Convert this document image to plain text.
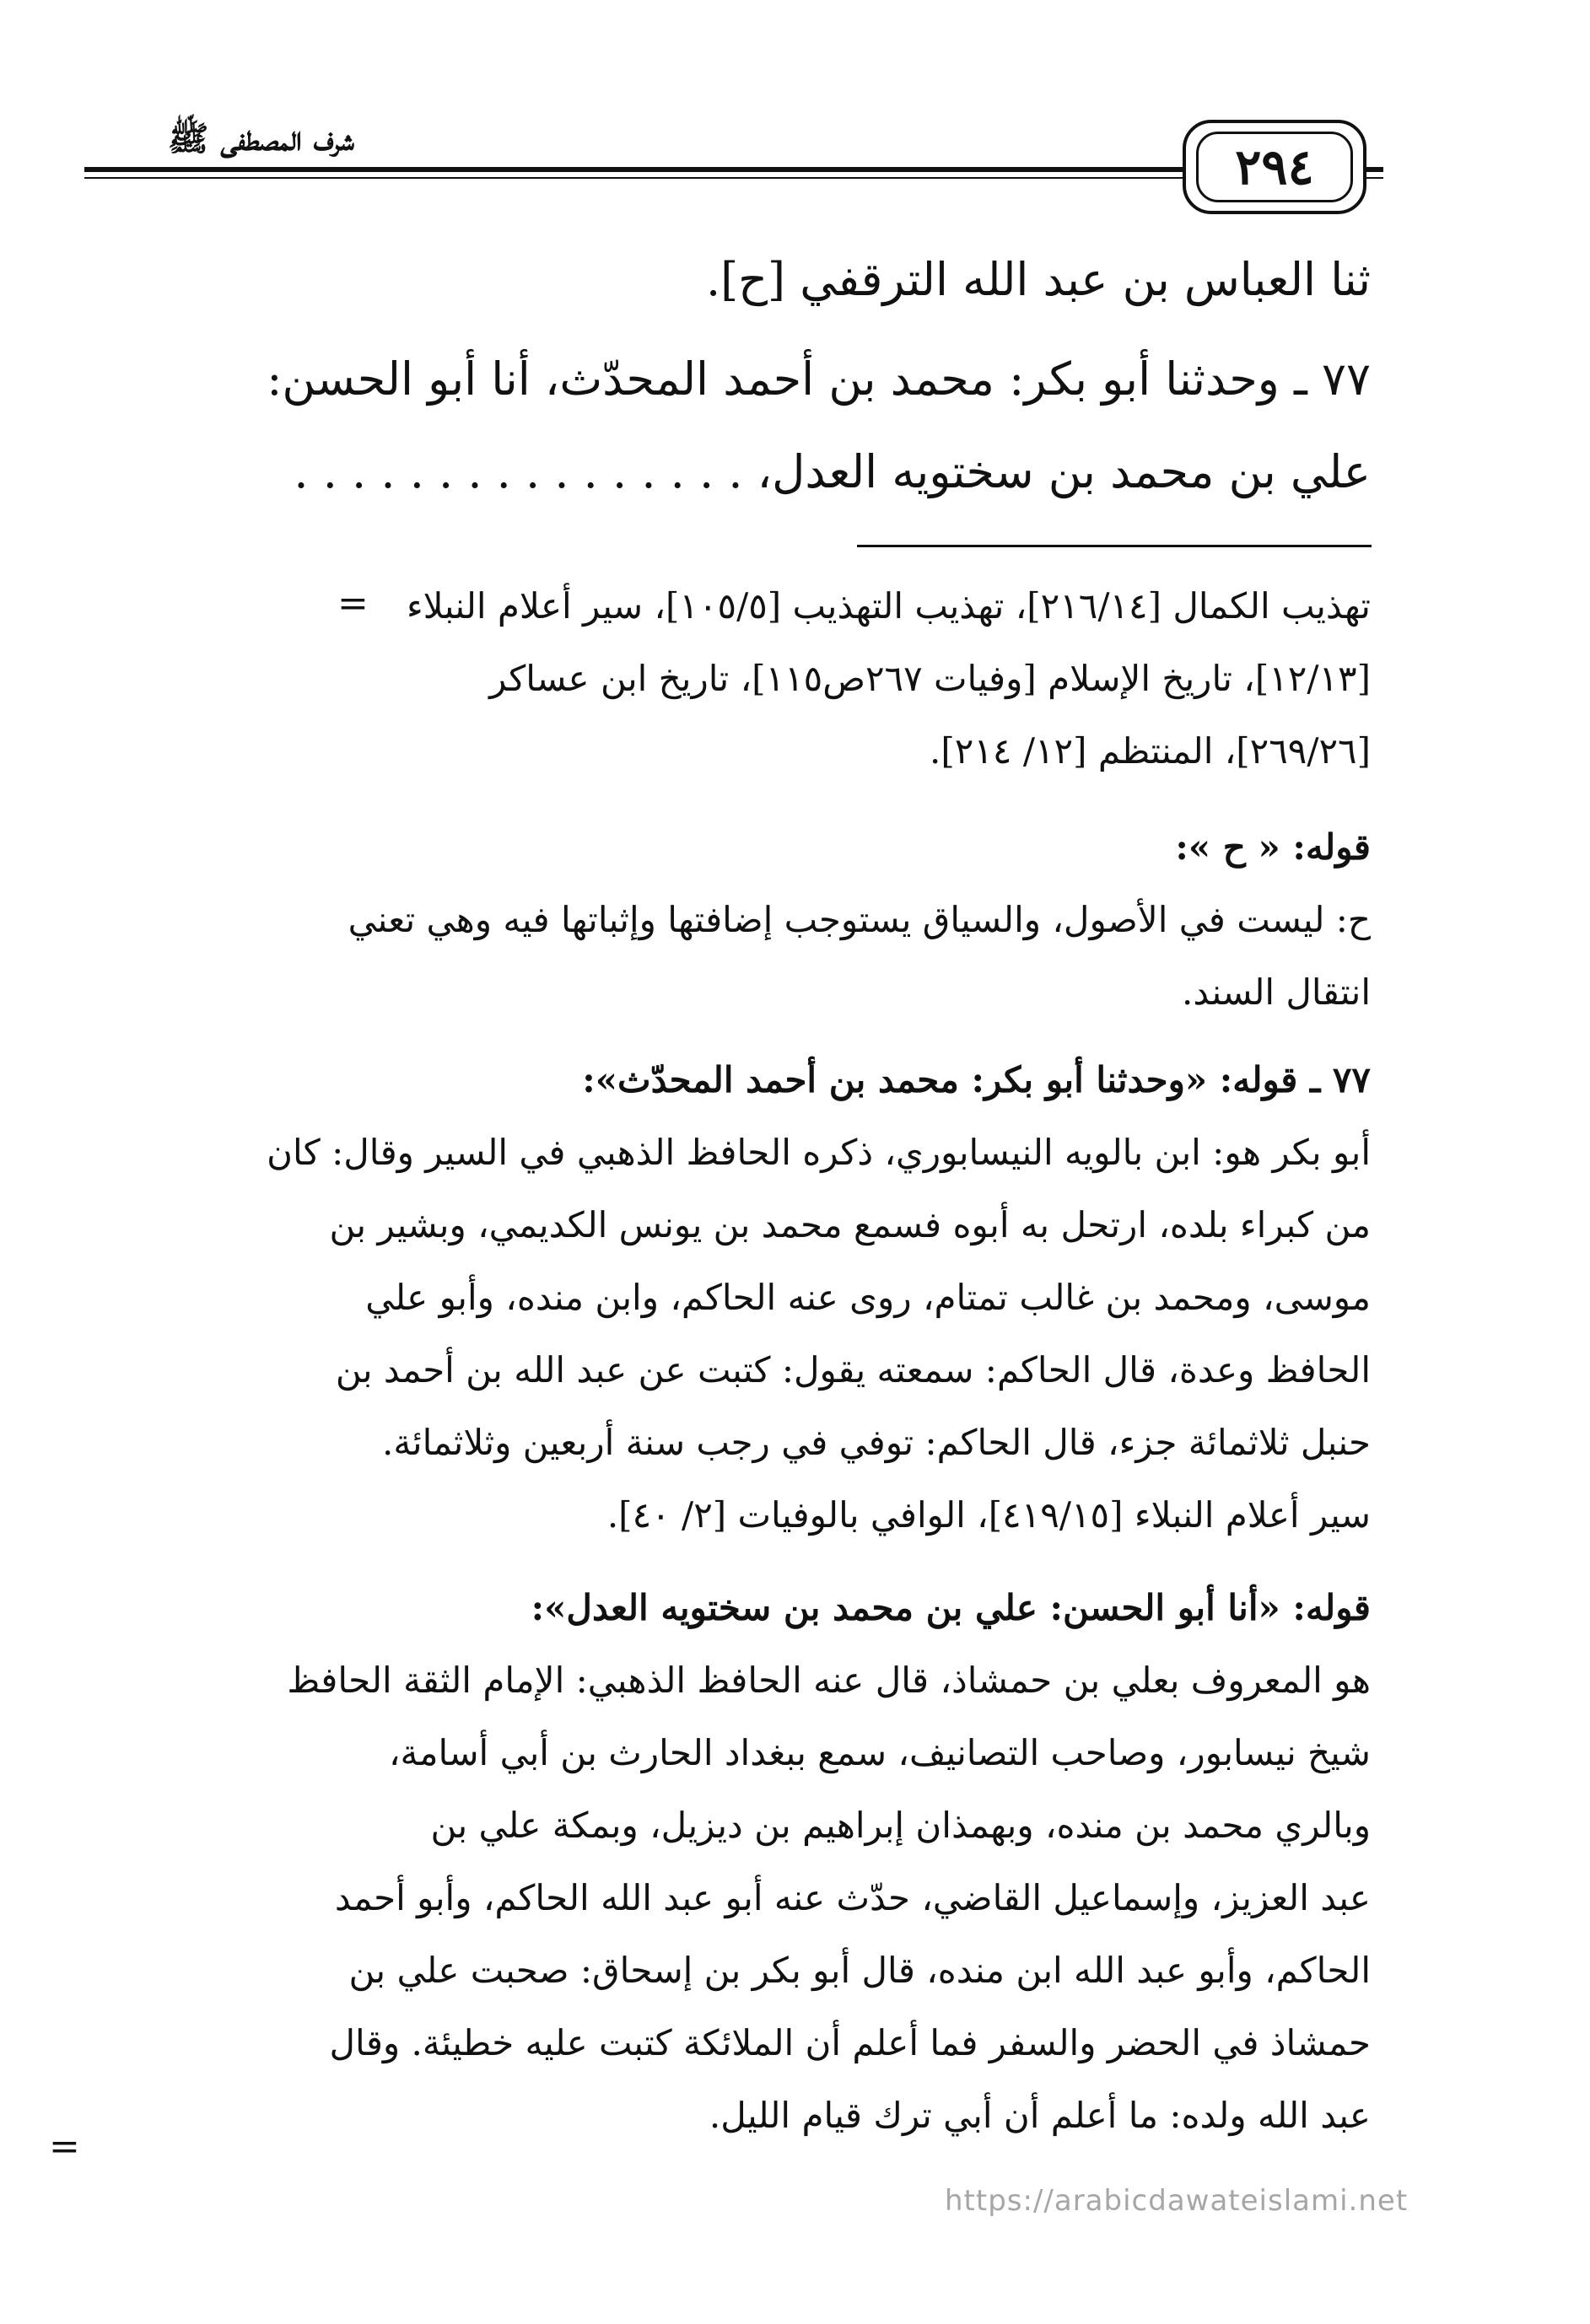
شرف المصطفى ﷺ	٢٩٤
ثنا العباس بن عبد الله الترقفي [ح].
٧٧ ـ وحدثنا أبو بكر: محمد بن أحمد المحدّث، أنا أبو الحسن:
علي بن محمد بن سختويه العدل، . . . . . . . . . . . . . . . .
=	تهذيب الكمال [٢١٦/١٤]، تهذيب التهذيب [١٠٥/٥]، سير أعلام النبلاء
[١٢/١٣]، تاريخ الإسلام [وفيات ٢٦٧ص١١٥]، تاريخ ابن عساكر
[٢٦٩/٢٦]، المنتظم [١٢/ ٢١٤].
قوله: « ح »:
ح: ليست في الأصول، والسياق يستوجب إضافتها وإثباتها فيه وهي تعني
انتقال السند.
٧٧ ـ قوله: «وحدثنا أبو بكر: محمد بن أحمد المحدّث»:
أبو بكر هو: ابن بالويه النيسابوري، ذكره الحافظ الذهبي في السير وقال: كان
من كبراء بلده، ارتحل به أبوه فسمع محمد بن يونس الكديمي، وبشير بن
موسى، ومحمد بن غالب تمتام، روى عنه الحاكم، وابن منده، وأبو علي
الحافظ وعدة، قال الحاكم: سمعته يقول: كتبت عن عبد الله بن أحمد بن
حنبل ثلاثمائة جزء، قال الحاكم: توفي في رجب سنة أربعين وثلاثمائة.
سير أعلام النبلاء [٤١٩/١٥]، الوافي بالوفيات [٢/ ٤٠].
قوله: «أنا أبو الحسن: علي بن محمد بن سختويه العدل»:
هو المعروف بعلي بن حمشاذ، قال عنه الحافظ الذهبي: الإمام الثقة الحافظ
شيخ نيسابور، وصاحب التصانيف، سمع ببغداد الحارث بن أبي أسامة،
وبالري محمد بن منده، وبهمذان إبراهيم بن ديزيل، وبمكة علي بن
عبد العزيز، وإسماعيل القاضي، حدّث عنه أبو عبد الله الحاكم، وأبو أحمد
الحاكم، وأبو عبد الله ابن منده، قال أبو بكر بن إسحاق: صحبت علي بن
حمشاذ في الحضر والسفر فما أعلم أن الملائكة كتبت عليه خطيئة. وقال
عبد الله ولده: ما أعلم أن أبي ترك قيام الليل.
=
https://arabicdawateislami.net
